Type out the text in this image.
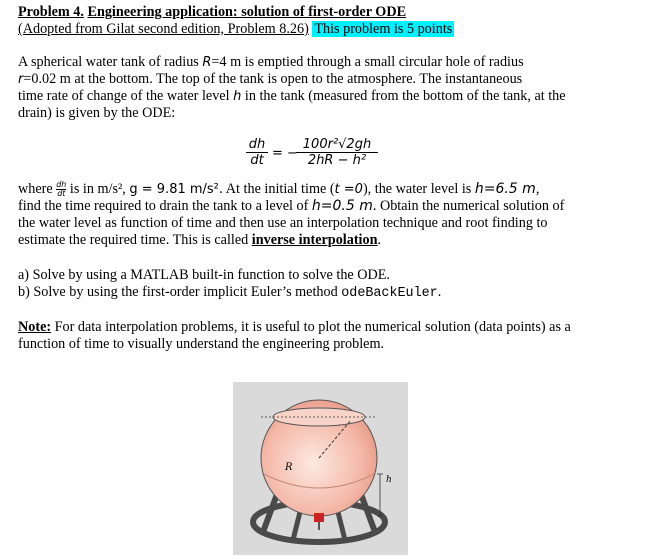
Problem 4. Engineering application: solution of first-order ODE

(Adopted from Gilat second edition, Problem 8.26) This problem is 5 points

A spherical water tank of radius R=4 m is emptied through a small circular hole of radius
r=0.02 m at the bottom. The top of the tank is open to the atmosphere. The instantaneous
time rate of change of the water level h in the tank (measured from the bottom of the tank, at the
drain) is given by the ODE:

$\frac{dh}{dt}$ = −
$\frac{\text{100r²√2gh}}{\text{2hR − h²}}$

where $\frac{dh}{dt}$ is in m/s², g = 9.81 m/s². At the initial time (t =0), the water level is h=6.5 m,
find the time required to drain the tank to a level of h=0.5 m. Obtain the numerical solution of
the water level as function of time and then use an interpolation technique and root finding to
estimate the required time. This is called inverse interpolation.

a) Solve by using a MATLAB built-in function to solve the ODE.

b) Solve by using the first-order implicit Euler’s method odeBackEuler.

Note: For data interpolation problems, it is useful to plot the numerical solution (data points) as a
function of time to visually understand the engineering problem.

h
R
